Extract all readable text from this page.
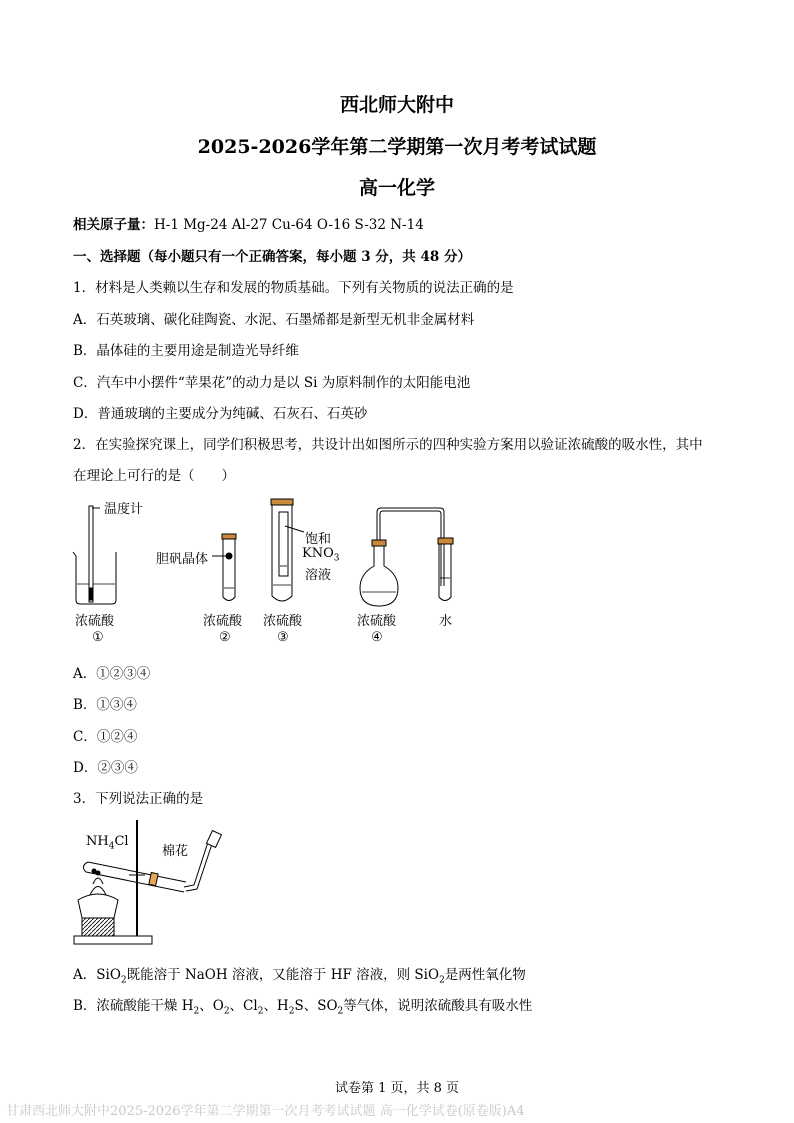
西北师大附中
2025-2026学年第二学期第一次月考考试试题
高一化学
相关原子量：H-1 Mg-24 Al-27 Cu-64 O-16 S-32 N-14
一、选择题（每小题只有一个正确答案，每小题 3 分，共 48 分）
1．材料是人类赖以生存和发展的物质基础。下列有关物质的说法正确的是
A．石英玻璃、碳化硅陶瓷、水泥、石墨烯都是新型无机非金属材料
B．晶体硅的主要用途是制造光导纤维
C．汽车中小摆件“苹果花”的动力是以 Si 为原料制作的太阳能电池
D．普通玻璃的主要成分为纯碱、石灰石、石英砂
2．在实验探究课上，同学们积极思考，共设计出如图所示的四种实验方案用以验证浓硫酸的吸水性，其中
在理论上可行的是（　　）
温度计
胆矾晶体
饱和
$KNO_3$
溶液
浓硫酸	浓硫酸 浓硫酸	浓硫酸	水
①	②	③	④
A．①②③④
B．①③④
C．①②④
D．②③④
3．下列说法正确的是
$NH_4Cl$
棉花
A．SiO$_2$既能溶于 NaOH 溶液，又能溶于 HF 溶液，则 SiO$_2$是两性氧化物
B．浓硫酸能干燥 $H_2$、$O_2$、$Cl_2$、$H_2S$、$SO_2$等气体，说明浓硫酸具有吸水性
试卷第 1 页，共 8 页
甘肃西北师大附中2025-2026学年第二学期第一次月考考试试题 高一化学试卷(原卷版)A4
